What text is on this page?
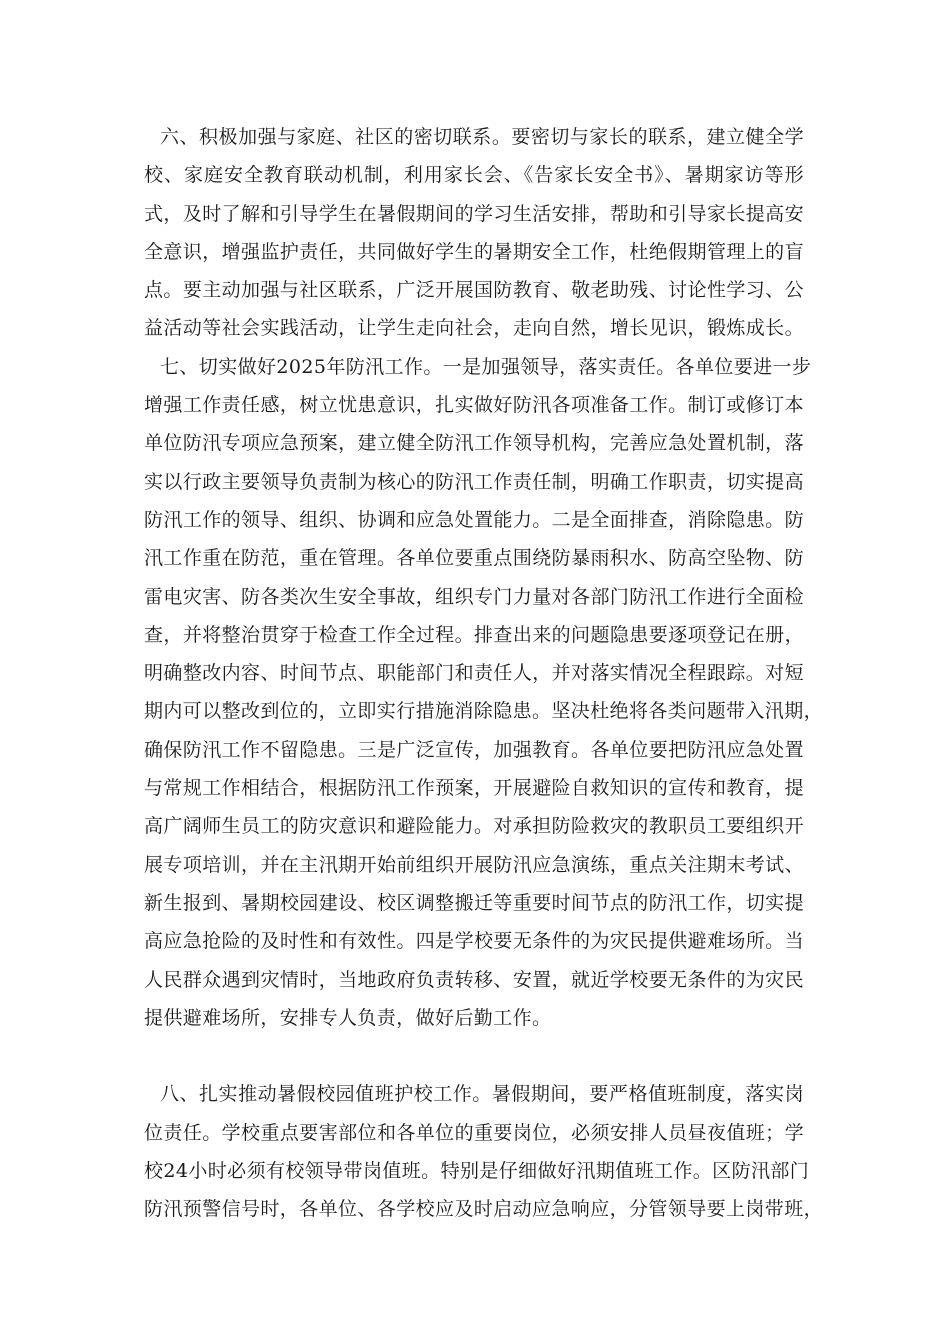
六、积极加强与家庭、社区的密切联系。要密切与家长的联系，建立健全学
校、家庭安全教育联动机制，利用家长会、《告家长安全书》、暑期家访等形
式，及时了解和引导学生在暑假期间的学习生活安排，帮助和引导家长提高安
全意识，增强监护责任，共同做好学生的暑期安全工作，杜绝假期管理上的盲
点。要主动加强与社区联系，广泛开展国防教育、敬老助残、讨论性学习、公
益活动等社会实践活动，让学生走向社会，走向自然，增长见识，锻炼成长。
七、切实做好2025年防汛工作。一是加强领导，落实责任。各单位要进一步
增强工作责任感，树立忧患意识，扎实做好防汛各项准备工作。制订或修订本
单位防汛专项应急预案，建立健全防汛工作领导机构，完善应急处置机制，落
实以行政主要领导负责制为核心的防汛工作责任制，明确工作职责，切实提高
防汛工作的领导、组织、协调和应急处置能力。二是全面排查，消除隐患。防
汛工作重在防范，重在管理。各单位要重点围绕防暴雨积水、防高空坠物、防
雷电灾害、防各类次生安全事故，组织专门力量对各部门防汛工作进行全面检
查，并将整治贯穿于检查工作全过程。排查出来的问题隐患要逐项登记在册，
明确整改内容、时间节点、职能部门和责任人，并对落实情况全程跟踪。对短
期内可以整改到位的，立即实行措施消除隐患。坚决杜绝将各类问题带入汛期，
确保防汛工作不留隐患。三是广泛宣传，加强教育。各单位要把防汛应急处置
与常规工作相结合，根据防汛工作预案，开展避险自救知识的宣传和教育，提
高广阔师生员工的防灾意识和避险能力。对承担防险救灾的教职员工要组织开
展专项培训，并在主汛期开始前组织开展防汛应急演练，重点关注期末考试、
新生报到、暑期校园建设、校区调整搬迁等重要时间节点的防汛工作，切实提
高应急抢险的及时性和有效性。四是学校要无条件的为灾民提供避难场所。当
人民群众遇到灾情时，当地政府负责转移、安置，就近学校要无条件的为灾民
提供避难场所，安排专人负责，做好后勤工作。
八、扎实推动暑假校园值班护校工作。暑假期间，要严格值班制度，落实岗
位责任。学校重点要害部位和各单位的重要岗位，必须安排人员昼夜值班；学
校24小时必须有校领导带岗值班。特别是仔细做好汛期值班工作。区防汛部门
防汛预警信号时，各单位、各学校应及时启动应急响应，分管领导要上岗带班，
